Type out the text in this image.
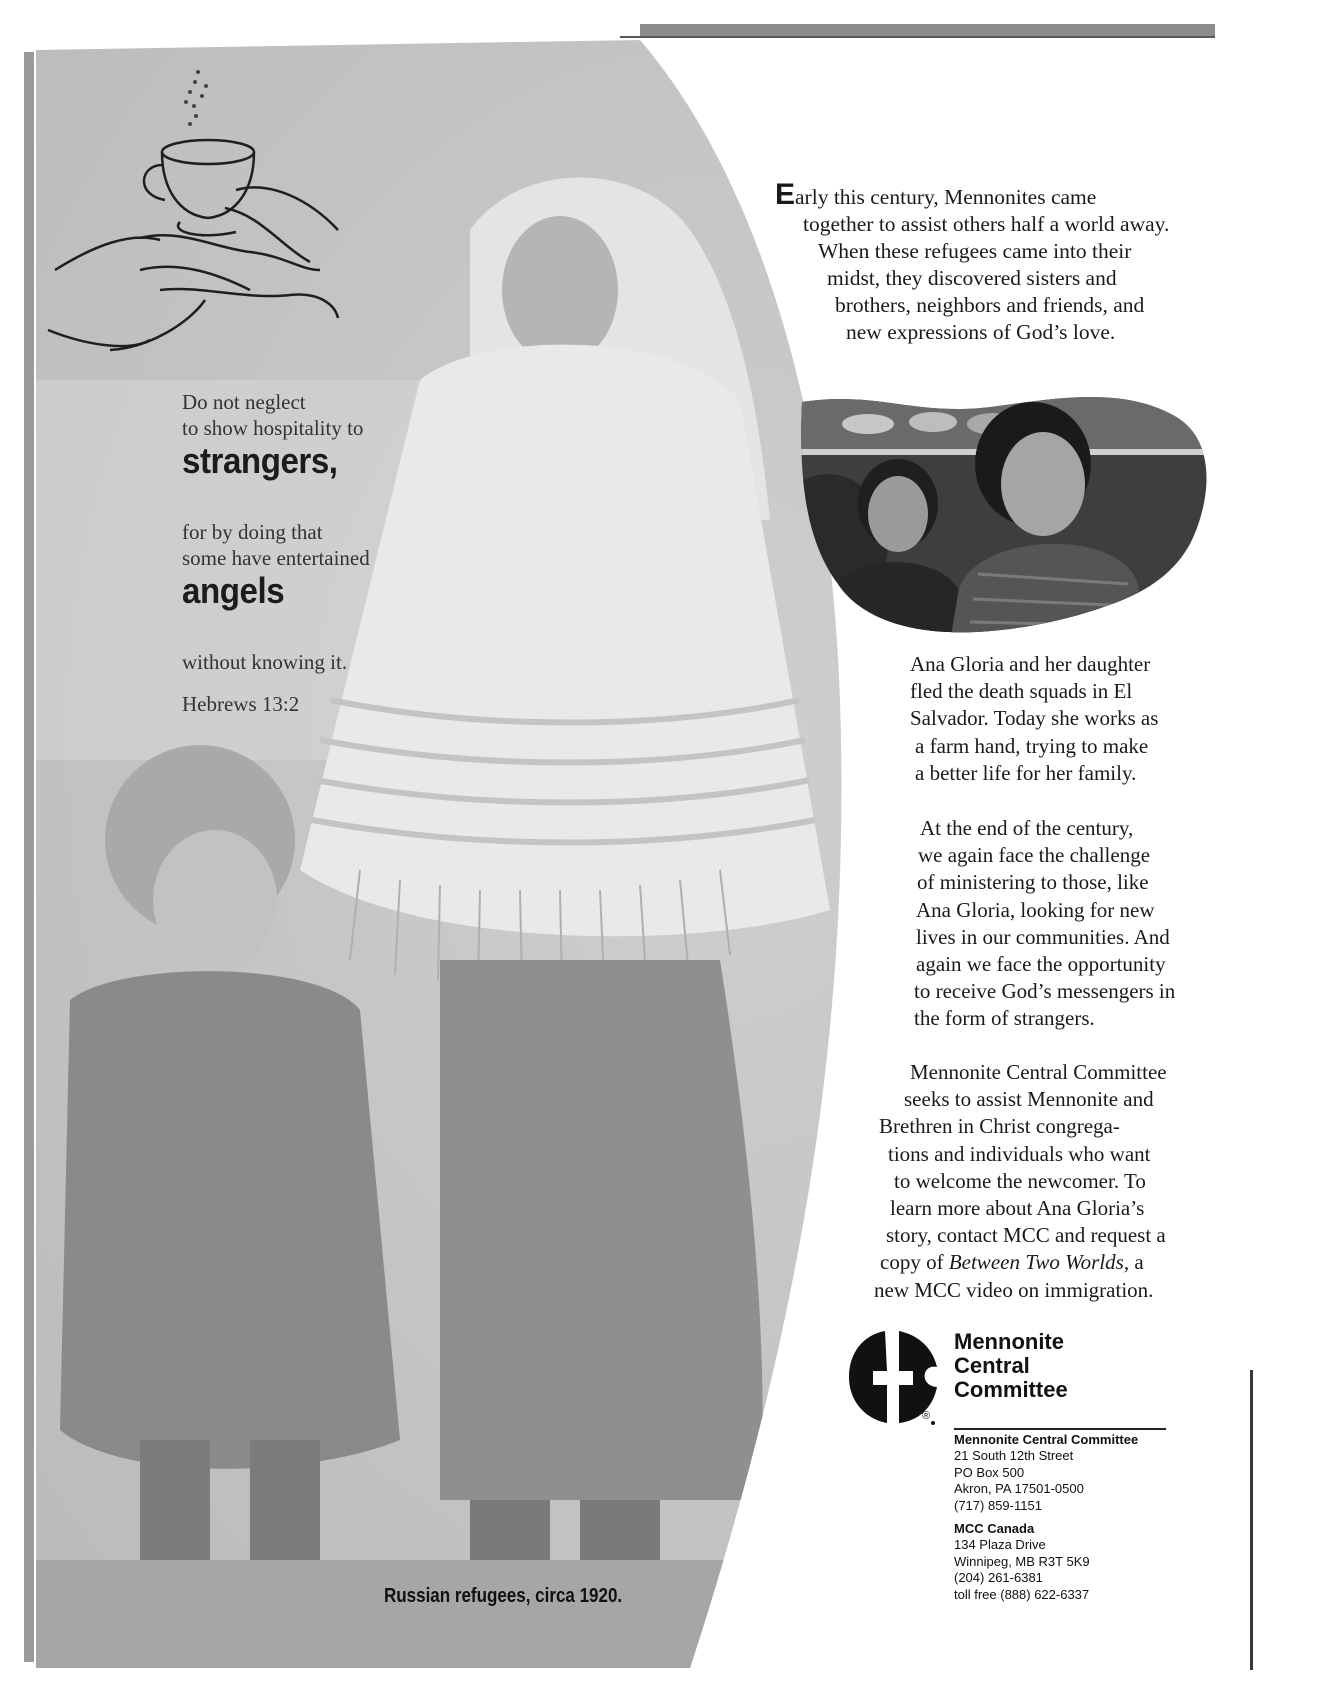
Do not neglect

to show hospitality to

strangers,

for by doing that

some have entertained

angels

without knowing it.

Hebrews 13:2

Early this century, Mennonites came
together to assist others half a world away.
When these refugees came into their
midst, they discovered sisters and
brothers, neighbors and friends, and
new expressions of God’s love.
Ana Gloria and her daughter
fled the death squads in El
Salvador. Today she works as
a farm hand, trying to make
a better life for her family.
At the end of the century,
we again face the challenge
of ministering to those, like
Ana Gloria, looking for new
lives in our communities. And
again we face the opportunity
to receive God’s messengers in
the form of strangers.
Mennonite Central Committee
seeks to assist Mennonite and
Brethren in Christ congrega-
tions and individuals who want
to welcome the newcomer. To
learn more about Ana Gloria’s
story, contact MCC and request a
copy of Between Two Worlds, a
new MCC video on immigration.
Russian refugees, circa 1920.
Mennonite
Central
Committee
®
Mennonite Central Committee
21 South 12th Street
PO Box 500
Akron, PA 17501-0500
(717) 859-1151
MCC Canada
134 Plaza Drive
Winnipeg, MB R3T 5K9
(204) 261-6381
toll free (888) 622-6337
